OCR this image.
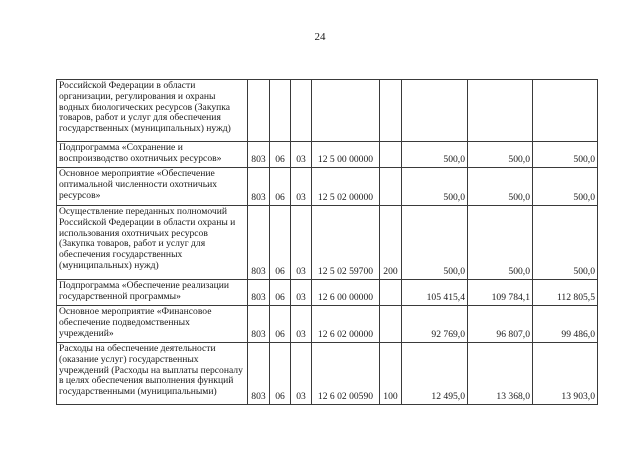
24
Российской Федерации в области организации, регулирования и охраны водных биологических ресурсов (Закупка товаров, работ и услуг для обеспечения государственных (муниципальных) нужд)								
Подпрограмма «Сохранение и воспроизводство охотничьих ресурсов»	803	06	03	12 5 00 00000		500,0	500,0	500,0
Основное мероприятие «Обеспечение оптимальной численности охотничьих ресурсов»	803	06	03	12 5 02 00000		500,0	500,0	500,0
Осуществление переданных полномочий Российской Федерации в области охраны и использования охотничьих ресурсов (Закупка товаров, работ и услуг для обеспечения государственных (муниципальных) нужд)	803	06	03	12 5 02 59700	200	500,0	500,0	500,0
Подпрограмма «Обеспечение реализации государственной программы»	803	06	03	12 6 00 00000		105 415,4	109 784,1	112 805,5
Основное мероприятие «Финансовое обеспечение подведомственных учреждений»	803	06	03	12 6 02 00000		92 769,0	96 807,0	99 486,0
Расходы на обеспечение деятельности (оказание услуг) государственных учреждений (Расходы на выплаты персоналу в целях обеспечения выполнения функций государственными (муниципальными)	803	06	03	12 6 02 00590	100	12 495,0	13 368,0	13 903,0
